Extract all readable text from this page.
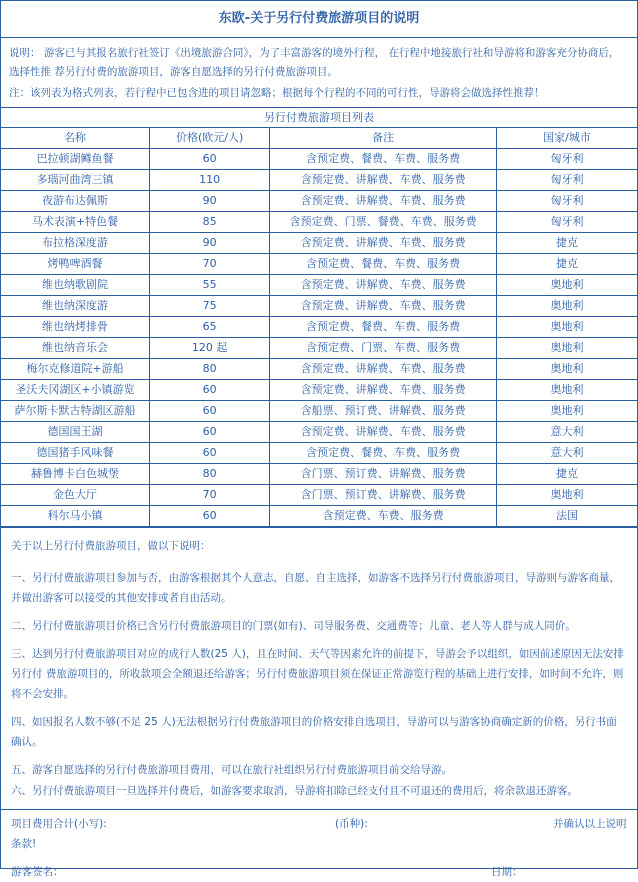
东欧-关于另行付费旅游项目的说明

说明： 游客已与其报名旅行社签订《出境旅游合同》，为了丰富游客的境外行程， 在行程中地接旅行社和导游将和游客充分协商后， 选择性推 荐另行付费的旅游项目，游客自愿选择的另行付费旅游项目。

注：该列表为格式列表，若行程中已包含进的项目请忽略；根据每个行程的不同的可行性，导游将会做选择性推荐！

另行付费旅游项目列表			
名称	价格(欧元/人)	备注	国家/城市
巴拉顿湖鳟鱼餐	60	含预定费、餐费、车费、服务费	匈牙利
多瑙河曲湾三镇	110	含预定费、讲解费、车费、服务费	匈牙利
夜游布达佩斯	90	含预定费、讲解费、车费、服务费	匈牙利
马术表演+特色餐	85	含预定费、门票、餐费、车费、服务费	匈牙利
布拉格深度游	90	含预定费、讲解费、车费、服务费	捷克
烤鸭啤酒餐	70	含预定费、餐费、车费、服务费	捷克
维也纳歌剧院	55	含预定费、讲解费、车费、服务费	奥地利
维也纳深度游	75	含预定费、讲解费、车费、服务费	奥地利
维也纳烤排骨	65	含预定费、餐费、车费、服务费	奥地利
维也纳音乐会	120 起	含预定费、门票、车费、服务费	奥地利
梅尔克修道院+游船	80	含预定费、讲解费、车费、服务费	奥地利
圣沃夫冈湖区+小镇游览	60	含预定费、讲解费、车费、服务费	奥地利
萨尔斯卡默古特湖区游船	60	含船票、预订费、讲解费、服务费	奥地利
德国国王湖	60	含预定费、讲解费、车费、服务费	意大利
德国猪手风味餐	60	含预定费、餐费、车费、服务费	意大利
赫鲁博卡白色城堡	80	含门票、预订费、讲解费、服务费	捷克
金色大厅	70	含门票、预订费、讲解费、服务费	奥地利
科尔马小镇	60	含预定费、车费、服务费	法国

关于以上另行付费旅游项目，做以下说明：

一、另行付费旅游项目参加与否，由游客根据其个人意志，自愿、自主选择，如游客不选择另行付费旅游项目，导游则与游客商量，并做出游客可以接受的其他安排或者自由活动。

二、另行付费旅游项目价格已含另行付费旅游项目的门票(如有)、司导服务费、交通费等；儿童、老人等人群与成人同价。

三、达到另行付费旅游项目对应的成行人数(25 人)，且在时间、天气等因素允许的前提下，导游会予以组织，如因前述原因无法安排另行付 费旅游项目的，所收款项会全额退还给游客；另行付费旅游项目须在保证正常游览行程的基础上进行安排，如时间不允许，则将不会安排。

四、如因报名人数不够(不足 25 人)无法根据另行付费旅游项目的价格安排自选项目，导游可以与游客协商确定新的价格，另行书面确认。

五、游客自愿选择的另行付费旅游项目费用，可以在旅行社组织另行付费旅游项目前交给导游。

六、另行付费旅游项目一旦选择并付费后，如游客要求取消，导游将扣除已经支付且不可退还的费用后，将余款退还游客。

项目费用合计(小写):	(币种):	并确认以上说明
条款!
游客签名：	日期：
